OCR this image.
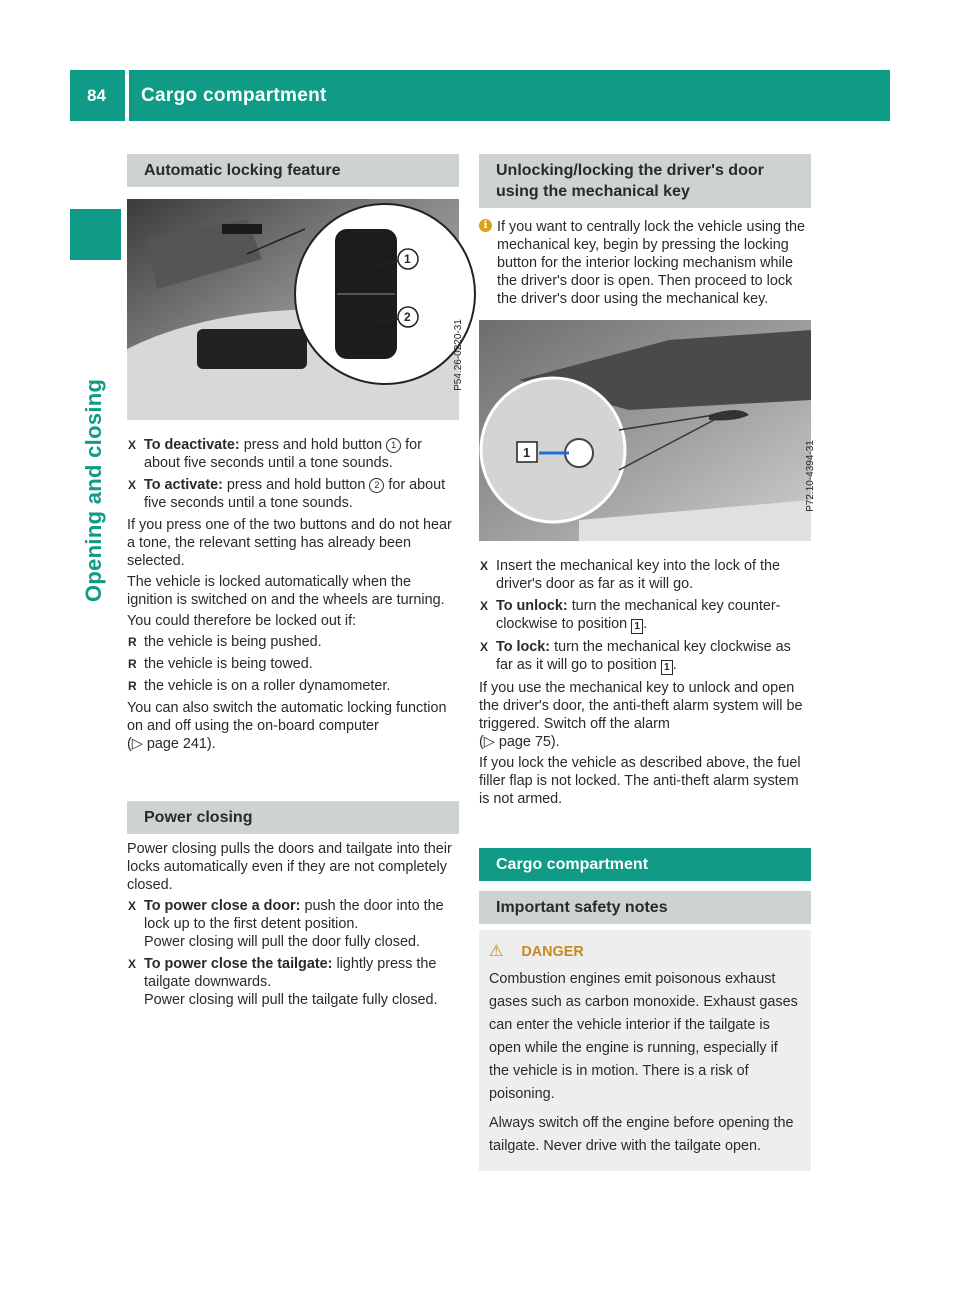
84 Cargo compartment
Opening and closing
Automatic locking feature
1
2
P54.26-0220-31
X To deactivate: press and hold button 1 for about five seconds until a tone sounds.
X To activate: press and hold button 2 for about five seconds until a tone sounds.

If you press one of the two buttons and do not hear a tone, the relevant setting has already been selected.

The vehicle is locked automatically when the ignition is switched on and the wheels are turning.

You could therefore be locked out if:

R the vehicle is being pushed.
R the vehicle is being towed.
R the vehicle is on a roller dynamometer.

You can also switch the automatic locking function on and off using the on-board computer
(▷ page 241).

Power closing

Power closing pulls the doors and tailgate into their locks automatically even if they are not completely closed.

X To power close a door: push the door into the lock up to the first detent position.
Power closing will pull the door fully closed.
X To power close the tailgate: lightly press the tailgate downwards.
Power closing will pull the tailgate fully closed.
Unlocking/locking the driver's door
using the mechanical key
i If you want to centrally lock the vehicle using the mechanical key, begin by pressing the locking button for the interior locking mechanism while the driver's door is open. Then proceed to lock the driver's door using the mechanical key.
1	P72.10-4394-31
X Insert the mechanical key into the lock of the driver's door as far as it will go.
X To unlock: turn the mechanical key counter-clockwise to position 1 .
X To lock: turn the mechanical key clockwise as far as it will go to position 1 .

If you use the mechanical key to unlock and open the driver's door, the anti-theft alarm system will be triggered. Switch off the alarm
(▷ page 75).

If you lock the vehicle as described above, the fuel filler flap is not locked. The anti-theft alarm system is not armed.

Cargo compartment
Important safety notes
⚠ DANGER

Combustion engines emit poisonous exhaust gases such as carbon monoxide. Exhaust gases can enter the vehicle interior if the tailgate is open while the engine is running, especially if the vehicle is in motion. There is a risk of poisoning.

Always switch off the engine before opening the tailgate. Never drive with the tailgate open.
